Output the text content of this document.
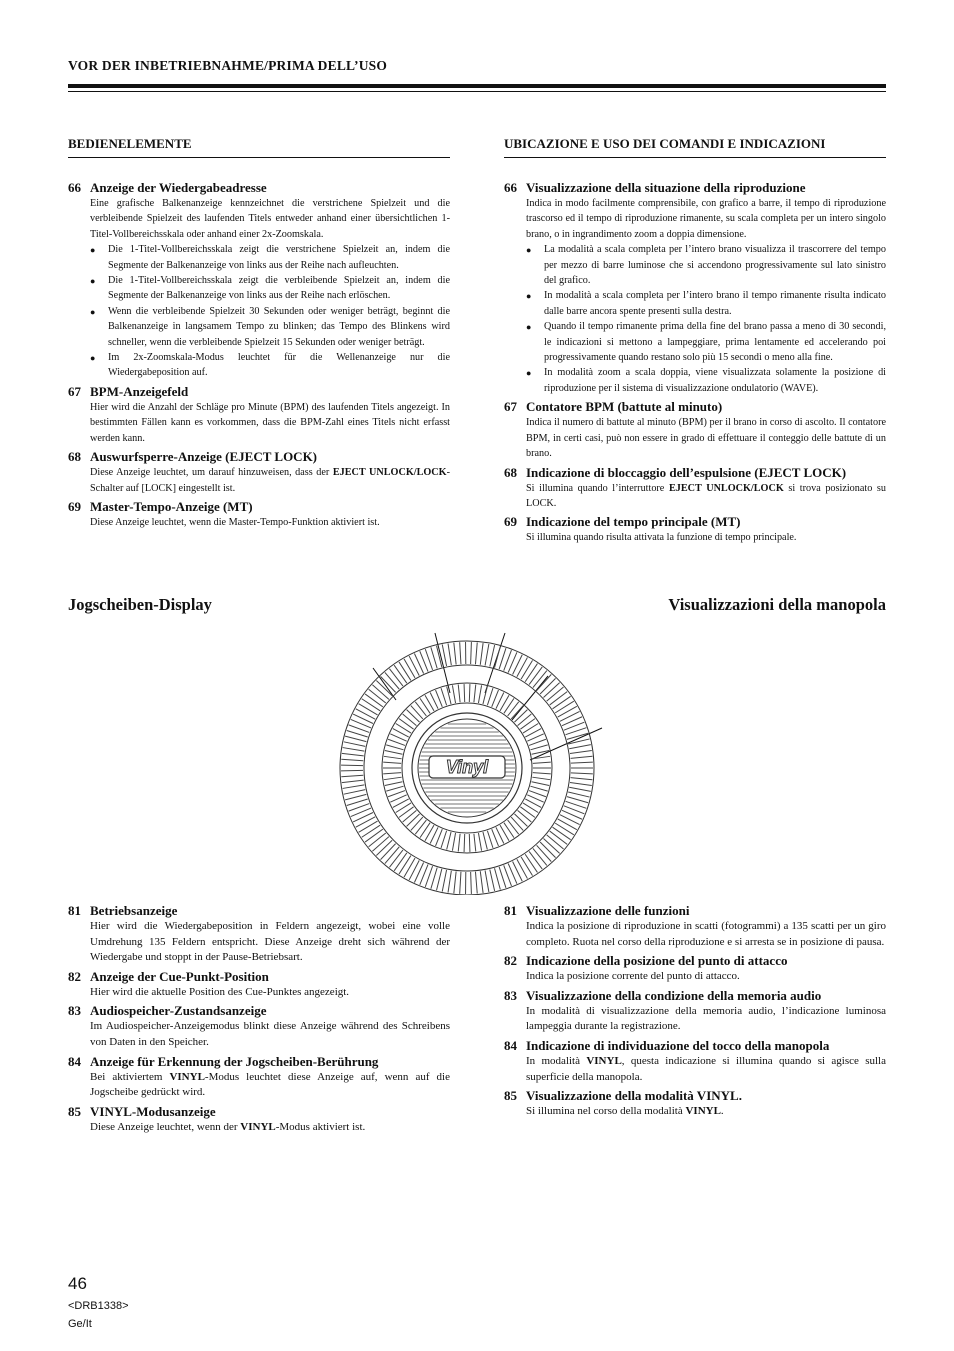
VOR DER INBETRIEBNAHME/PRIMA DELL’USO
BEDIENELEMENTE
66 Anzeige der Wiedergabeadresse
Eine grafische Balkenanzeige kennzeichnet die verstrichene Spielzeit und die verbleibende Spielzeit des laufenden Titels entweder anhand einer übersichtlichen 1-Titel-Vollbereichsskala oder anhand einer 2x-Zoomskala.
●	Die 1-Titel-Vollbereichsskala zeigt die verstrichene Spielzeit an, indem die Segmente der Balkenanzeige von links aus der Reihe nach aufleuchten.
●	Die 1-Titel-Vollbereichsskala zeigt die verbleibende Spielzeit an, indem die Segmente der Balkenanzeige von links aus der Reihe nach erlöschen.
●	Wenn die verbleibende Spielzeit 30 Sekunden oder weniger beträgt, beginnt die Balkenanzeige in langsamem Tempo zu blinken; das Tempo des Blinkens wird schneller, wenn die verbleibende Spielzeit 15 Sekunden oder weniger beträgt.
●	Im 2x-Zoomskala-Modus leuchtet für die Wellenanzeige nur die Wiedergabeposition auf.
67 BPM-Anzeigefeld
Hier wird die Anzahl der Schläge pro Minute (BPM) des laufenden Titels angezeigt. In bestimmten Fällen kann es vorkommen, dass die BPM-Zahl eines Titels nicht erfasst werden kann.
68 Auswurfsperre-Anzeige (EJECT LOCK)
Diese Anzeige leuchtet, um darauf hinzuweisen, dass der EJECT UNLOCK/LOCK-Schalter auf [LOCK] eingestellt ist.
69 Master-Tempo-Anzeige (MT)
Diese Anzeige leuchtet, wenn die Master-Tempo-Funktion aktiviert ist.
UBICAZIONE E USO DEI COMANDI E INDICAZIONI
66 Visualizzazione della situazione della riproduzione
Indica in modo facilmente comprensibile, con grafico a barre, il tempo di riproduzione trascorso ed il tempo di riproduzione rimanente, su scala completa per un intero singolo brano, o in ingrandimento zoom a doppia dimensione.
●	La modalità a scala completa per l’intero brano visualizza il trascorrere del tempo per mezzo di barre luminose che si accendono progressivamente sul lato sinistro del grafico.
●	In modalità a scala completa per l’intero brano il tempo rimanente risulta indicato dalle barre ancora spente presenti sulla destra.
●	Quando il tempo rimanente prima della fine del brano passa a meno di 30 secondi, le indicazioni si mettono a lampeggiare, prima lentamente ed accelerando poi progressivamente quando restano solo più 15 secondi o meno alla fine.
●	In modalità zoom a scala doppia, viene visualizzata solamente la posizione di riproduzione per il sistema di visualizzazione ondulatorio (WAVE).
67 Contatore BPM (battute al minuto)
Indica il numero di battute al minuto (BPM) per il brano in corso di ascolto. Il contatore BPM, in certi casi, può non essere in grado di effettuare il conteggio delle battute di un brano.
68 Indicazione di bloccaggio dell’espulsione (EJECT LOCK)
Si illumina quando l’interruttore EJECT UNLOCK/LOCK si trova posizionato su LOCK.
69 Indicazione del tempo principale (MT)
Si illumina quando risulta attivata la funzione di tempo principale.
Jogscheiben-Display	Visualizzazioni della manopola
Vinyl
81 Betriebsanzeige
Hier wird die Wiedergabeposition in Feldern angezeigt, wobei eine volle Umdrehung 135 Feldern entspricht. Diese Anzeige dreht sich während der Wiedergabe und stoppt in der Pause-Betriebsart.
82 Anzeige der Cue-Punkt-Position
Hier wird die aktuelle Position des Cue-Punktes angezeigt.
83 Audiospeicher-Zustandsanzeige
Im Audiospeicher-Anzeigemodus blinkt diese Anzeige während des Schreibens von Daten in den Speicher.
84 Anzeige für Erkennung der Jogscheiben-Berührung
Bei aktiviertem VINYL-Modus leuchtet diese Anzeige auf, wenn auf die Jogscheibe gedrückt wird.
85 VINYL-Modusanzeige
Diese Anzeige leuchtet, wenn der VINYL-Modus aktiviert ist.
81 Visualizzazione delle funzioni
Indica la posizione di riproduzione in scatti (fotogrammi) a 135 scatti per un giro completo. Ruota nel corso della riproduzione e si arresta se in posizione di pausa.
82 Indicazione della posizione del punto di attacco
Indica la posizione corrente del punto di attacco.
83 Visualizzazione della condizione della memoria audio
In modalità di visualizzazione della memoria audio, l’indicazione luminosa lampeggia durante la registrazione.
84 Indicazione di individuazione del tocco della manopola
In modalità VINYL, questa indicazione si illumina quando si agisce sulla superficie della manopola.
85 Visualizzazione della modalità VINYL.
Si illumina nel corso della modalità VINYL.
46
<DRB1338>
Ge/It
